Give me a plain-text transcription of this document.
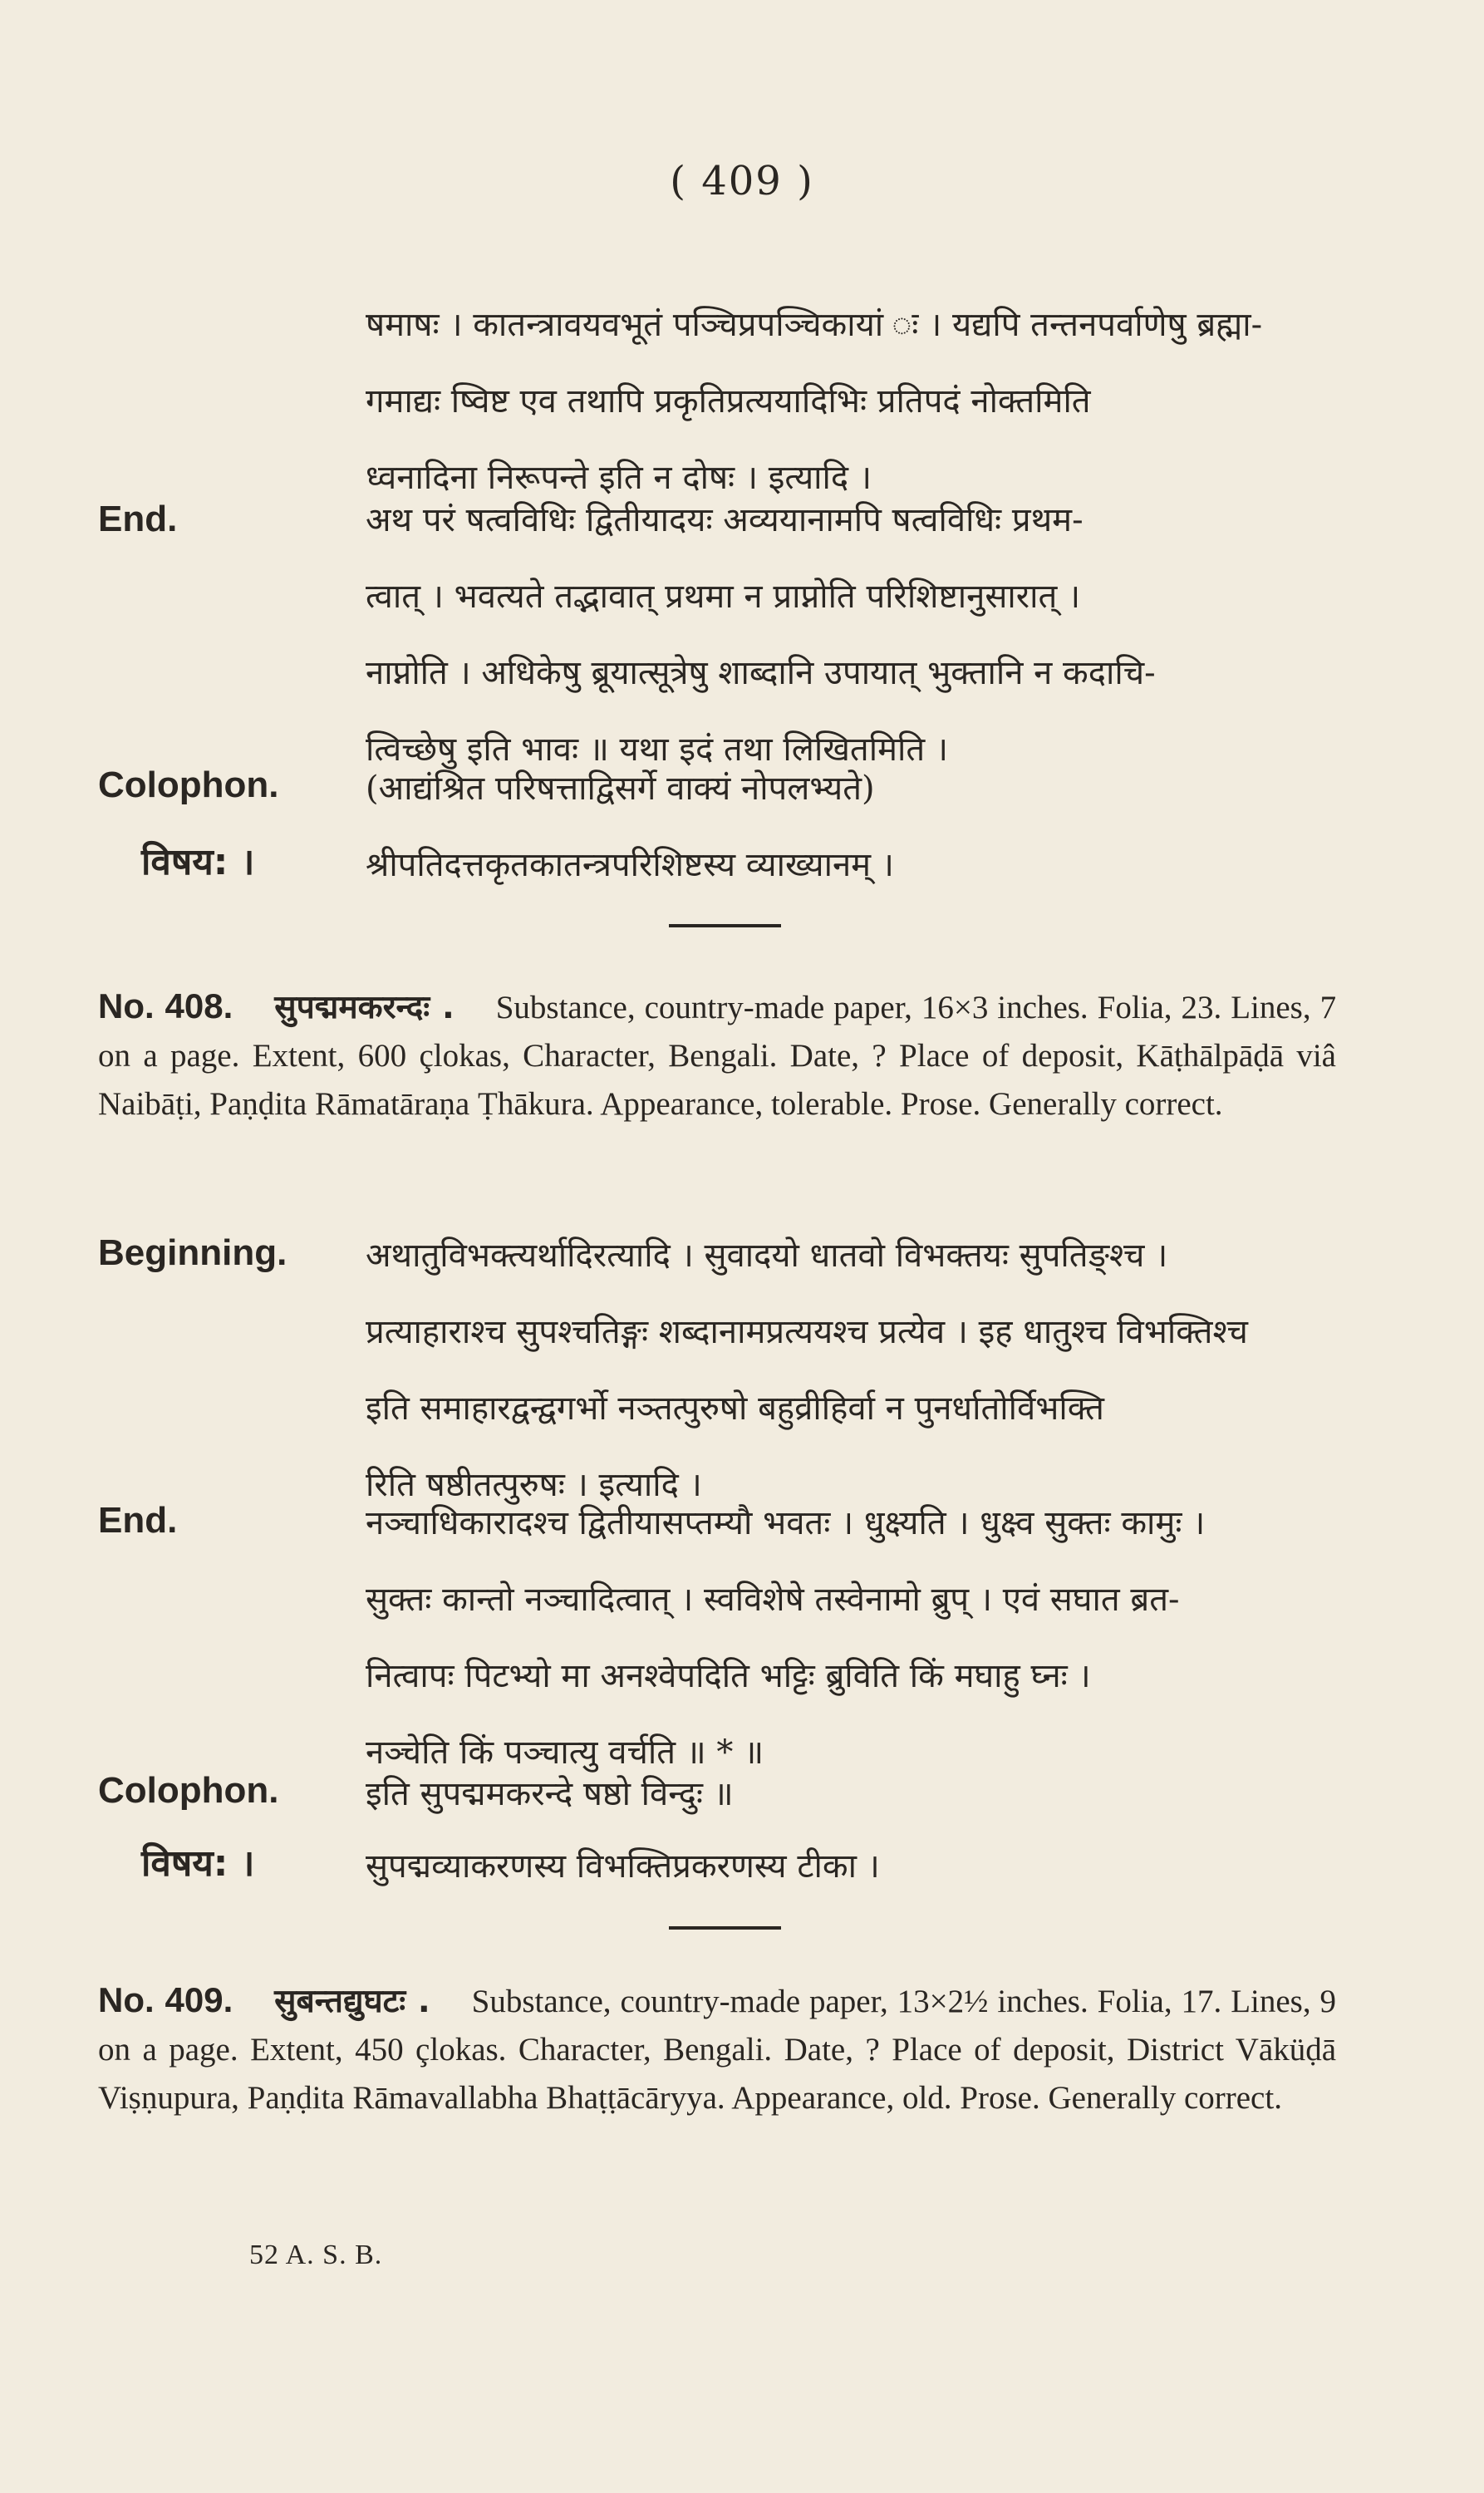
( 409 )
षमाषः । कातन्त्रावयवभूतं पञ्चिप्रपञ्चिकायां ः । यद्यपि तन्तनपर्वाणेषु ब्रह्मा-
गमाद्यः ष्विष्ट एव तथापि प्रकृतिप्रत्ययादिभिः प्रतिपदं नोक्तमिति
ध्वनादिना निरूपन्ते इति न दोषः । इत्यादि ।
End.	अथ परं षत्वविधिः द्वितीयादयः अव्ययानामपि षत्वविधिः प्रथम-
त्वात् । भवत्यते तद्भावात् प्रथमा न प्राप्नोति परिशिष्टानुसारात् ।
नाप्नोति । अधिकेषु ब्रूयात्सूत्रेषु शाब्दानि उपायात् भुक्तानि न कदाचि-
त्विच्छेषु इति भावः ॥ यथा इदं तथा लिखितमिति ।
Colophon.	(आद्यंश्रित परिषत्ताद्विसर्गे वाक्यं नोपलभ्यते)
विषय: ।	श्रीपतिदत्तकृतकातन्त्रपरिशिष्टस्य व्याख्यानम् ।
No. 408. सुपद्ममकरन्दः . Substance, country-made paper, 16×3 inches. Folia, 23. Lines, 7 on a page. Extent, 600 çlokas, Character, Bengali. Date, ? Place of deposit, Kāṭhālpāḍā viâ Naibāṭi, Paṇḍita Rāmatāraṇa Ṭhākura. Appearance, tolerable. Prose. Generally correct.
Beginning. अथातुविभक्त्यर्थादिरत्यादि । सुवादयो धातवो विभक्तयः सुपतिङ्श्च ।
प्रत्याहाराश्च सुपश्चतिङ्गः शब्दानामप्रत्ययश्च प्रत्येव । इह धातुश्च विभक्तिश्च
इति समाहारद्वन्द्वगर्भो नञ्तत्पुरुषो बहुव्रीहिर्वा न पुनर्धातोर्विभक्ति
रिति षष्ठीतत्पुरुषः । इत्यादि ।
End.	नञ्चाधिकारादश्च द्वितीयासप्तम्यौ भवतः । धुक्ष्यति । धुक्ष्व सुक्तः कामुः ।
सुक्तः कान्तो नञ्चादित्वात् । स्वविशेषे तस्वेनामो ब्रुप् । एवं सघात ब्रत-
नित्वापः पिटभ्यो मा अनश्वेपदिति भट्टिः ब्रुविति किं मघाहु घ्नः ।
नञ्चेति किं पञ्चात्यु वर्चति ॥ * ॥
Colophon.	इति सुपद्ममकरन्दे षष्ठो विन्दुः ॥
विषय: ।	सुपद्मव्याकरणस्य विभक्तिप्रकरणस्य टीका ।
No. 409. सुबन्तद्युघटः . Substance, country-made paper, 13×2½ inches. Folia, 17. Lines, 9 on a page. Extent, 450 çlokas. Character, Bengali. Date, ? Place of deposit, District Vāküḍā Viṣṇupura, Paṇḍita Rāmavallabha Bhaṭṭācāryya. Appearance, old. Prose. Generally correct.
52 A. S. B.
